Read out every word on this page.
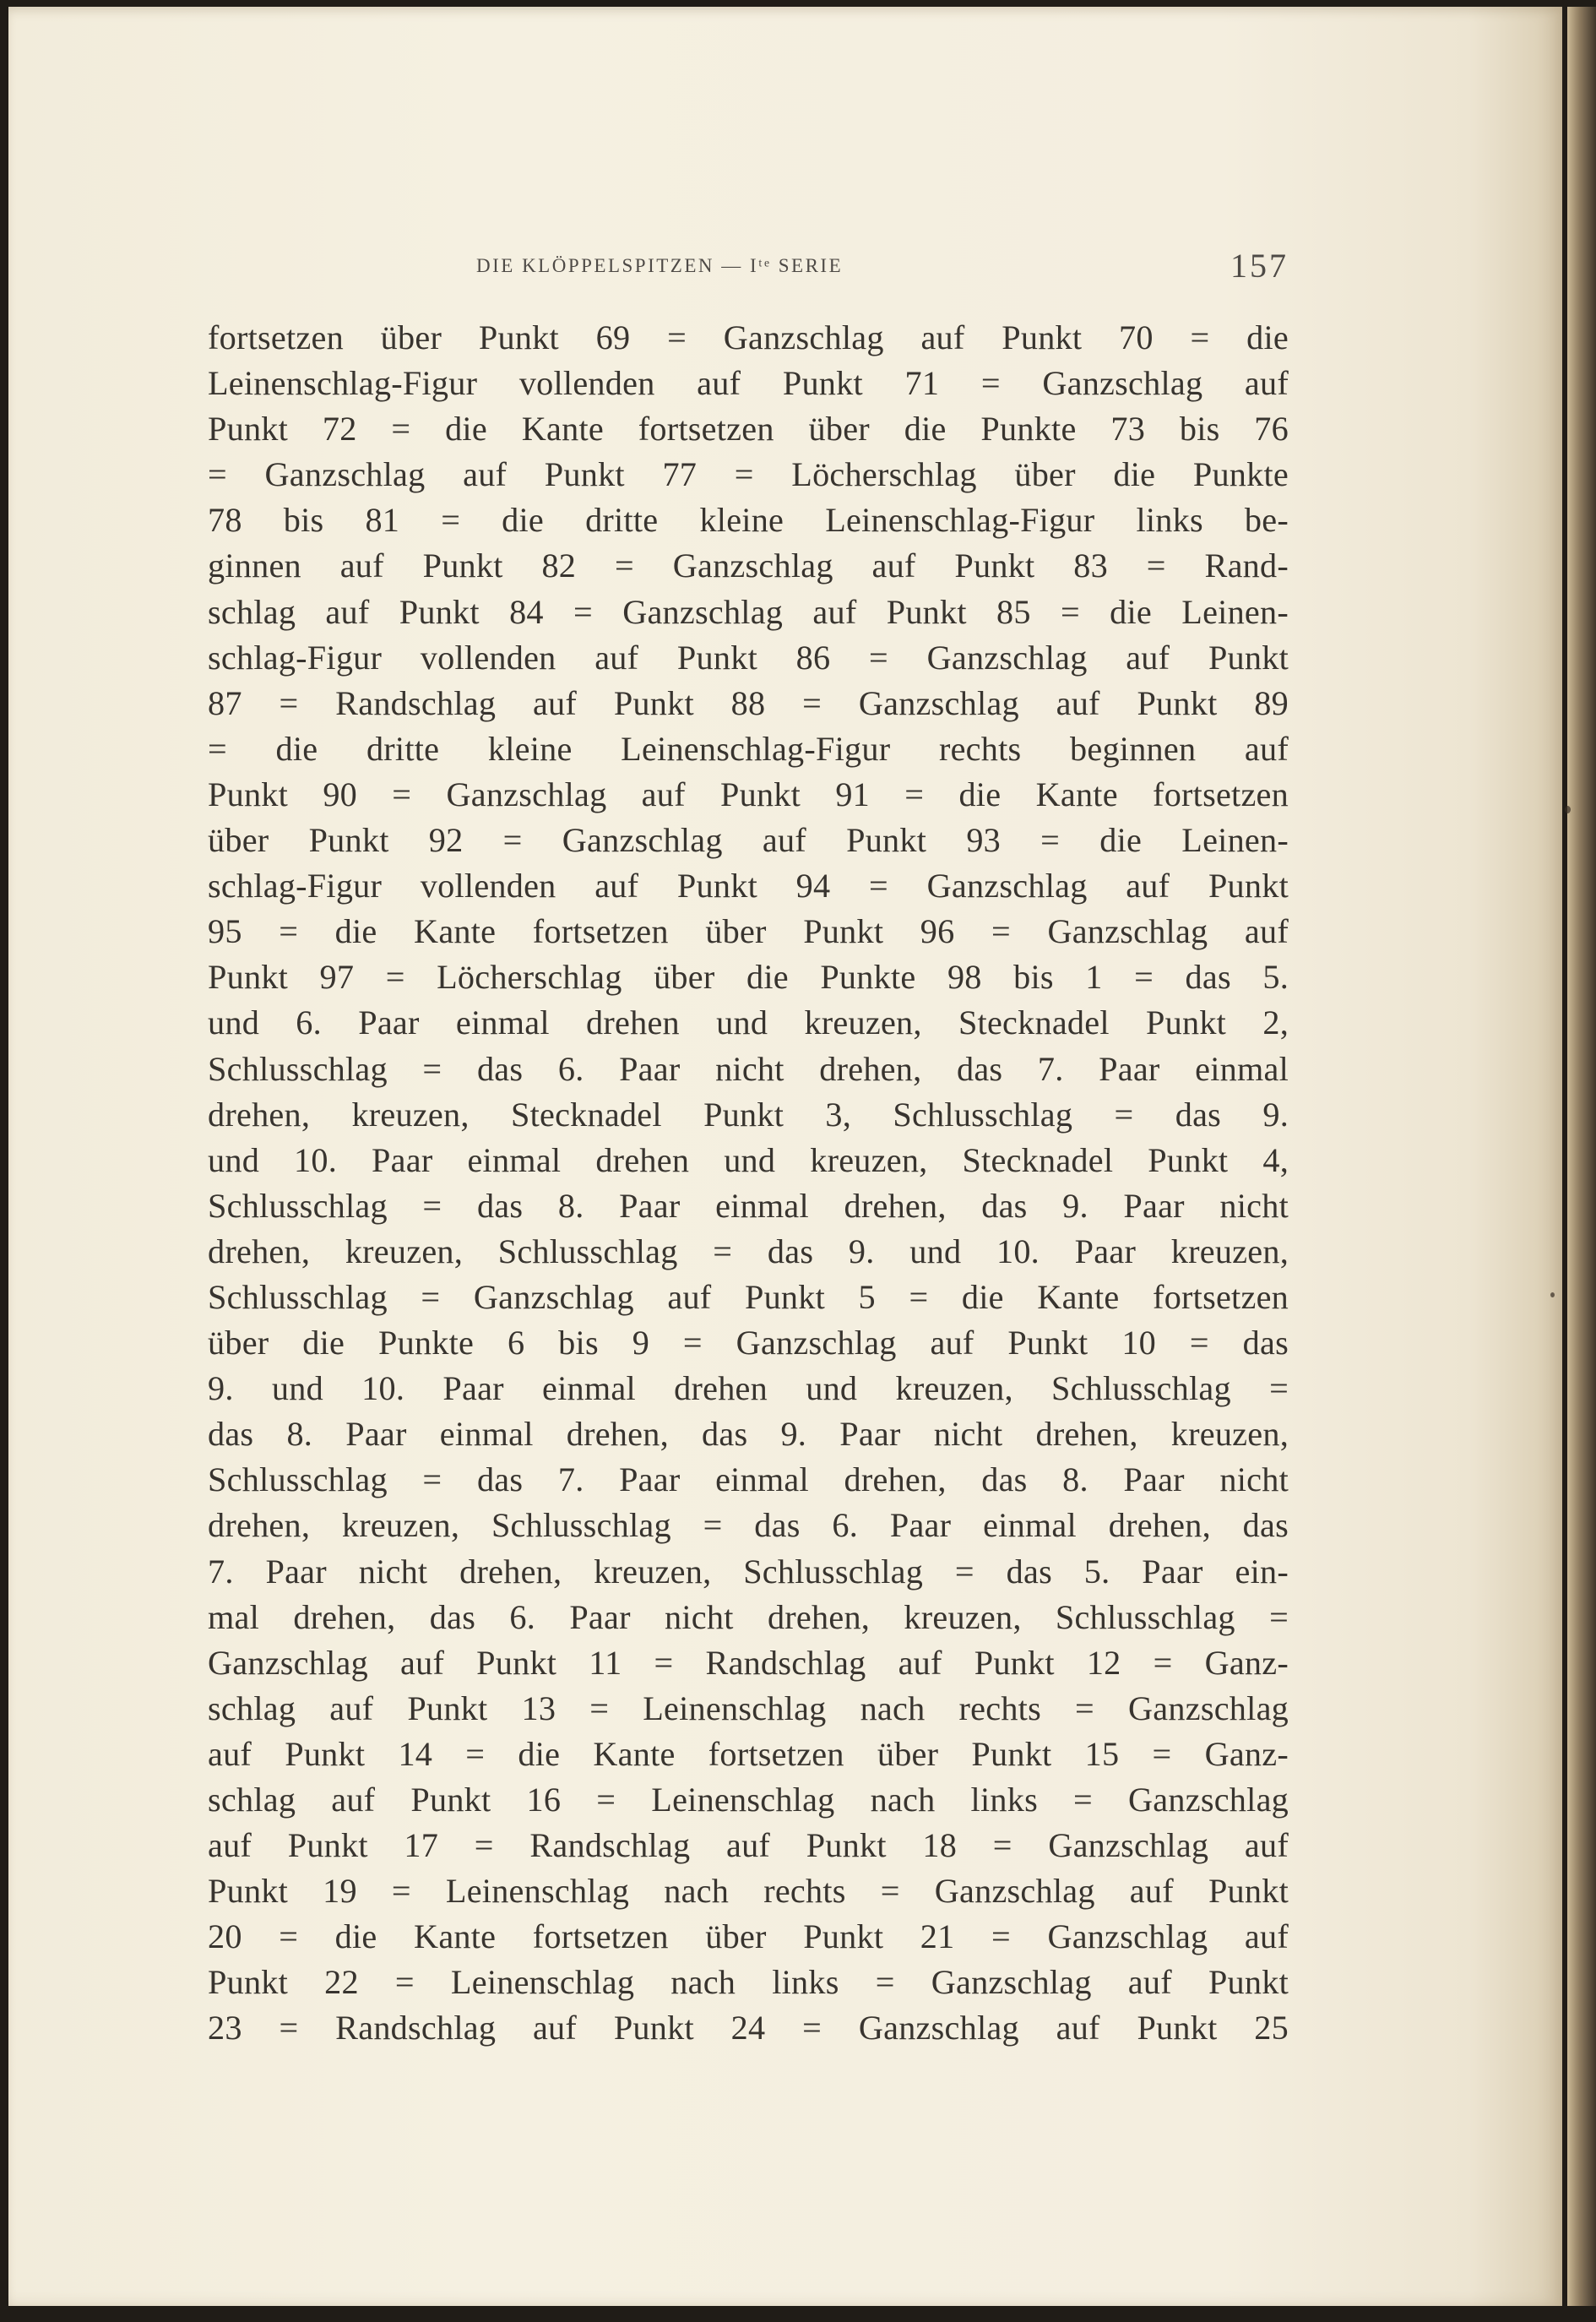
DIE KLÖPPELSPITZEN — Iᵗᵉ SERIE	157
fortsetzen über Punkt 69 = Ganzschlag auf Punkt 70 = die
Leinenschlag-Figur vollenden auf Punkt 71 = Ganzschlag auf
Punkt 72 = die Kante fortsetzen über die Punkte 73 bis 76
= Ganzschlag auf Punkt 77 = Löcherschlag über die Punkte
78 bis 81 = die dritte kleine Leinenschlag-Figur links be-
ginnen auf Punkt 82 = Ganzschlag auf Punkt 83 = Rand-
schlag auf Punkt 84 = Ganzschlag auf Punkt 85 = die Leinen-
schlag-Figur vollenden auf Punkt 86 = Ganzschlag auf Punkt
87 = Randschlag auf Punkt 88 = Ganzschlag auf Punkt 89
= die dritte kleine Leinenschlag-Figur rechts beginnen auf
Punkt 90 = Ganzschlag auf Punkt 91 = die Kante fortsetzen
über Punkt 92 = Ganzschlag auf Punkt 93 = die Leinen-
schlag-Figur vollenden auf Punkt 94 = Ganzschlag auf Punkt
95 = die Kante fortsetzen über Punkt 96 = Ganzschlag auf
Punkt 97 = Löcherschlag über die Punkte 98 bis 1 = das 5.
und 6. Paar einmal drehen und kreuzen, Stecknadel Punkt 2,
Schlusschlag = das 6. Paar nicht drehen, das 7. Paar einmal
drehen, kreuzen, Stecknadel Punkt 3, Schlusschlag = das 9.
und 10. Paar einmal drehen und kreuzen, Stecknadel Punkt 4,
Schlusschlag = das 8. Paar einmal drehen, das 9. Paar nicht
drehen, kreuzen, Schlusschlag = das 9. und 10. Paar kreuzen,
Schlusschlag = Ganzschlag auf Punkt 5 = die Kante fortsetzen
über die Punkte 6 bis 9 = Ganzschlag auf Punkt 10 = das
9. und 10. Paar einmal drehen und kreuzen, Schlusschlag =
das 8. Paar einmal drehen, das 9. Paar nicht drehen, kreuzen,
Schlusschlag = das 7. Paar einmal drehen, das 8. Paar nicht
drehen, kreuzen, Schlusschlag = das 6. Paar einmal drehen, das
7. Paar nicht drehen, kreuzen, Schlusschlag = das 5. Paar ein-
mal drehen, das 6. Paar nicht drehen, kreuzen, Schlusschlag =
Ganzschlag auf Punkt 11 = Randschlag auf Punkt 12 = Ganz-
schlag auf Punkt 13 = Leinenschlag nach rechts = Ganzschlag
auf Punkt 14 = die Kante fortsetzen über Punkt 15 = Ganz-
schlag auf Punkt 16 = Leinenschlag nach links = Ganzschlag
auf Punkt 17 = Randschlag auf Punkt 18 = Ganzschlag auf
Punkt 19 = Leinenschlag nach rechts = Ganzschlag auf Punkt
20 = die Kante fortsetzen über Punkt 21 = Ganzschlag auf
Punkt 22 = Leinenschlag nach links = Ganzschlag auf Punkt
23 = Randschlag auf Punkt 24 = Ganzschlag auf Punkt 25
